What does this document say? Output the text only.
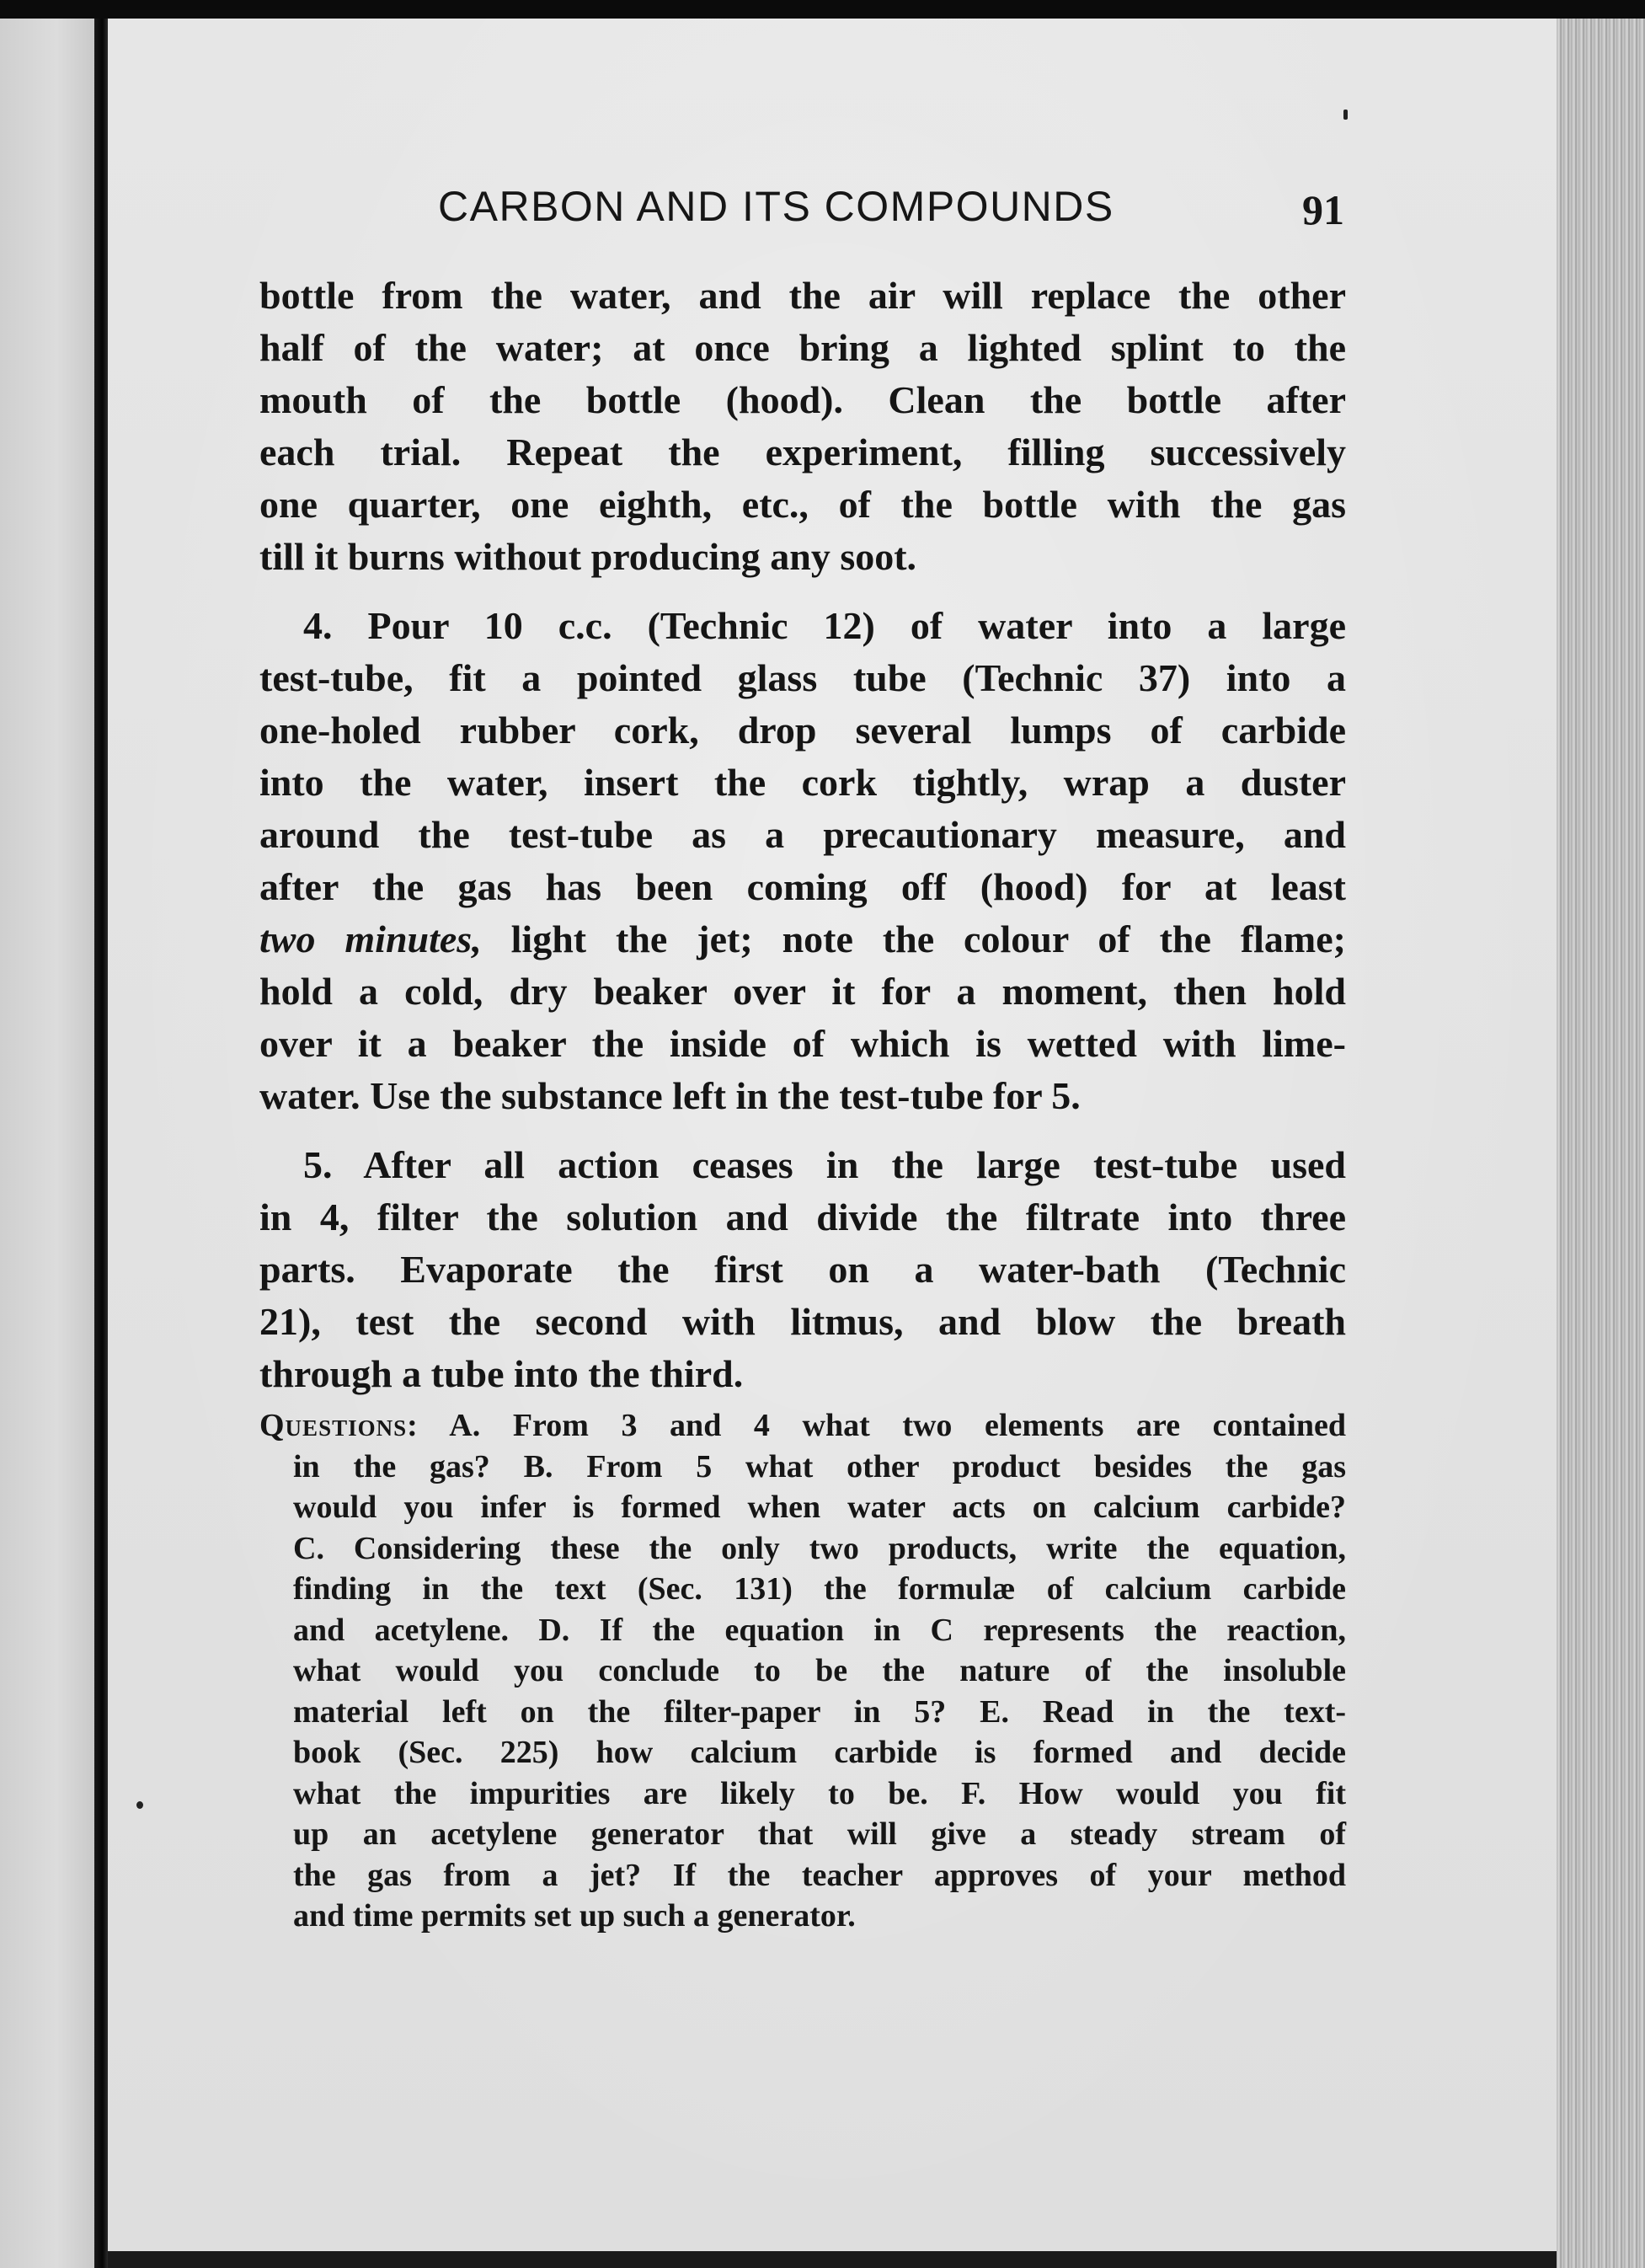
CARBON AND ITS COMPOUNDS	91

bottle from the water, and the air will replace the other
half of the water; at once bring a lighted splint to the
mouth of the bottle (hood). Clean the bottle after
each trial. Repeat the experiment, filling successively
one quarter, one eighth, etc., of the bottle with the gas
till it burns without producing any soot.

4. Pour 10 c.c. (Technic 12) of water into a large
test-tube, fit a pointed glass tube (Technic 37) into a
one-holed rubber cork, drop several lumps of carbide
into the water, insert the cork tightly, wrap a duster
around the test-tube as a precautionary measure, and
after the gas has been coming off (hood) for at least
two minutes, light the jet; note the colour of the flame;
hold a cold, dry beaker over it for a moment, then hold
over it a beaker the inside of which is wetted with lime-
water. Use the substance left in the test-tube for 5.

5. After all action ceases in the large test-tube used
in 4, filter the solution and divide the filtrate into three
parts. Evaporate the first on a water-bath (Technic
21), test the second with litmus, and blow the breath
through a tube into the third.

Questions: A. From 3 and 4 what two elements are contained
in the gas? B. From 5 what other product besides the gas
would you infer is formed when water acts on calcium carbide?
C. Considering these the only two products, write the equation,
finding in the text (Sec. 131) the formulæ of calcium carbide
and acetylene. D. If the equation in C represents the reaction,
what would you conclude to be the nature of the insoluble
material left on the filter-paper in 5? E. Read in the text-
book (Sec. 225) how calcium carbide is formed and decide
what the impurities are likely to be. F. How would you fit
up an acetylene generator that will give a steady stream of
the gas from a jet? If the teacher approves of your method
and time permits set up such a generator.
